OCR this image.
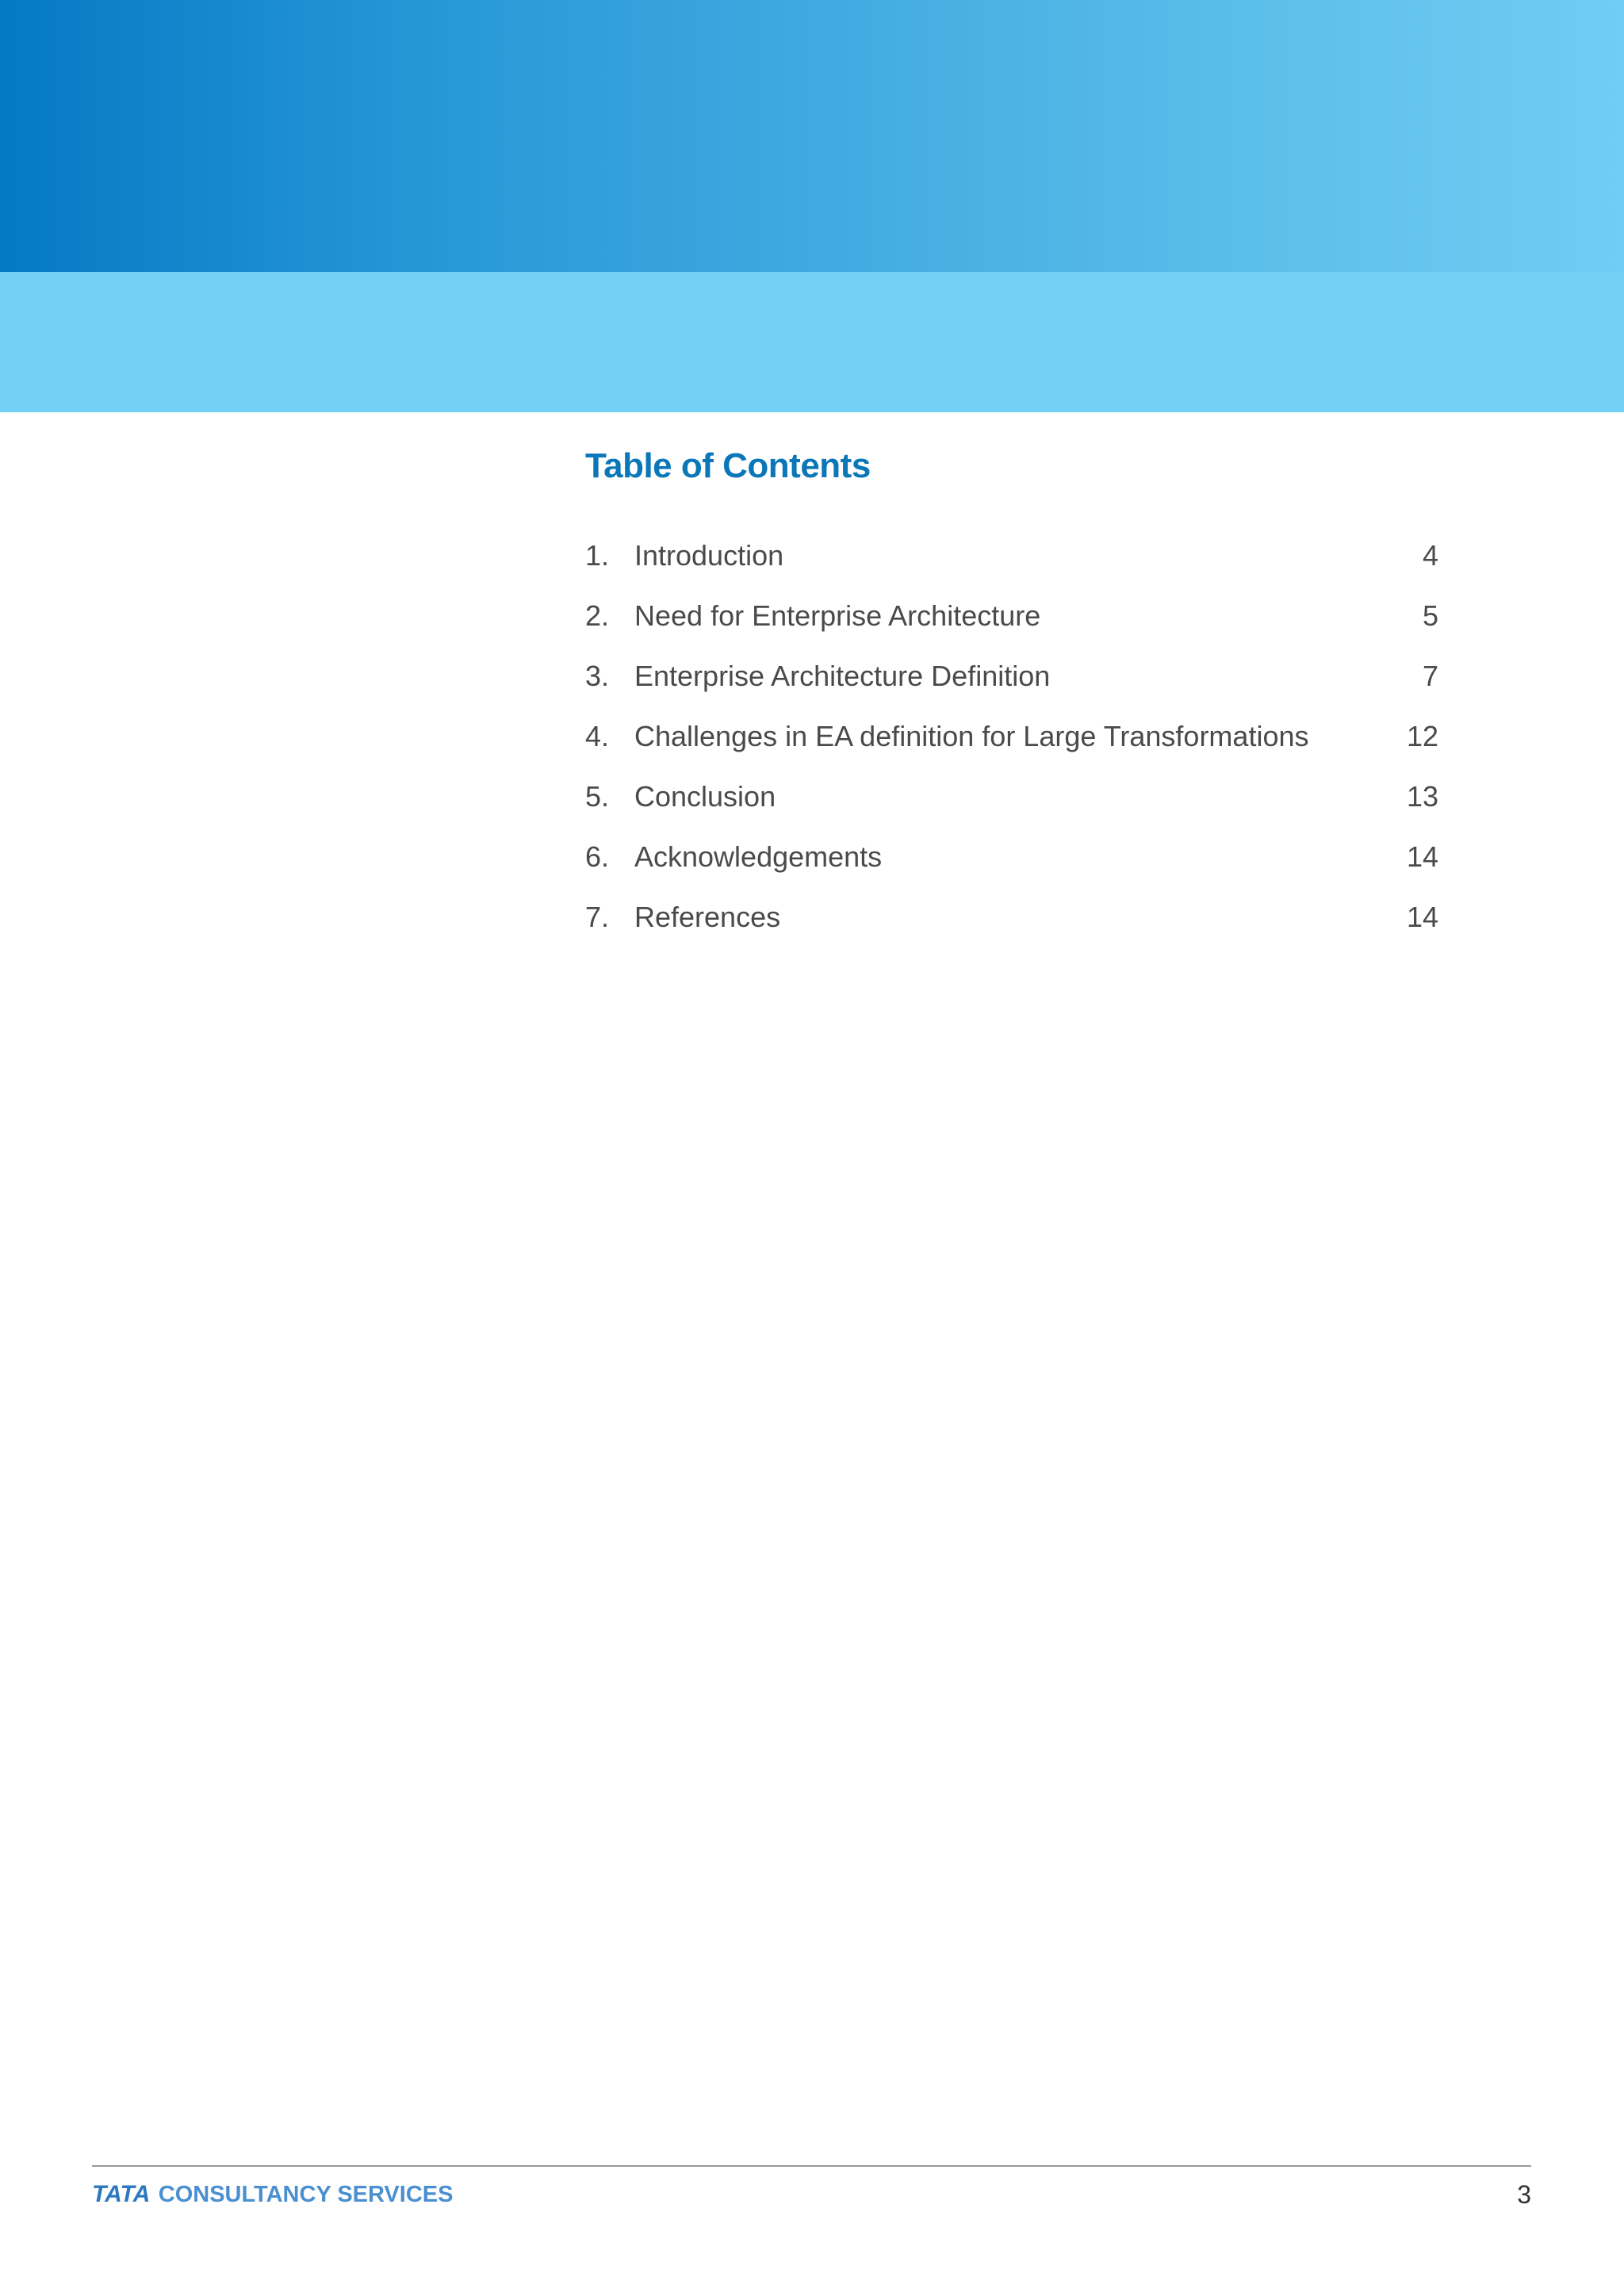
Table of Contents
1. Introduction	4
2. Need for Enterprise Architecture	5
3. Enterprise Architecture Definition	7
4. Challenges in EA definition for Large Transformations	12
5. Conclusion	13
6. Acknowledgements	14
7. References	14
TATA CONSULTANCY SERVICES	3
